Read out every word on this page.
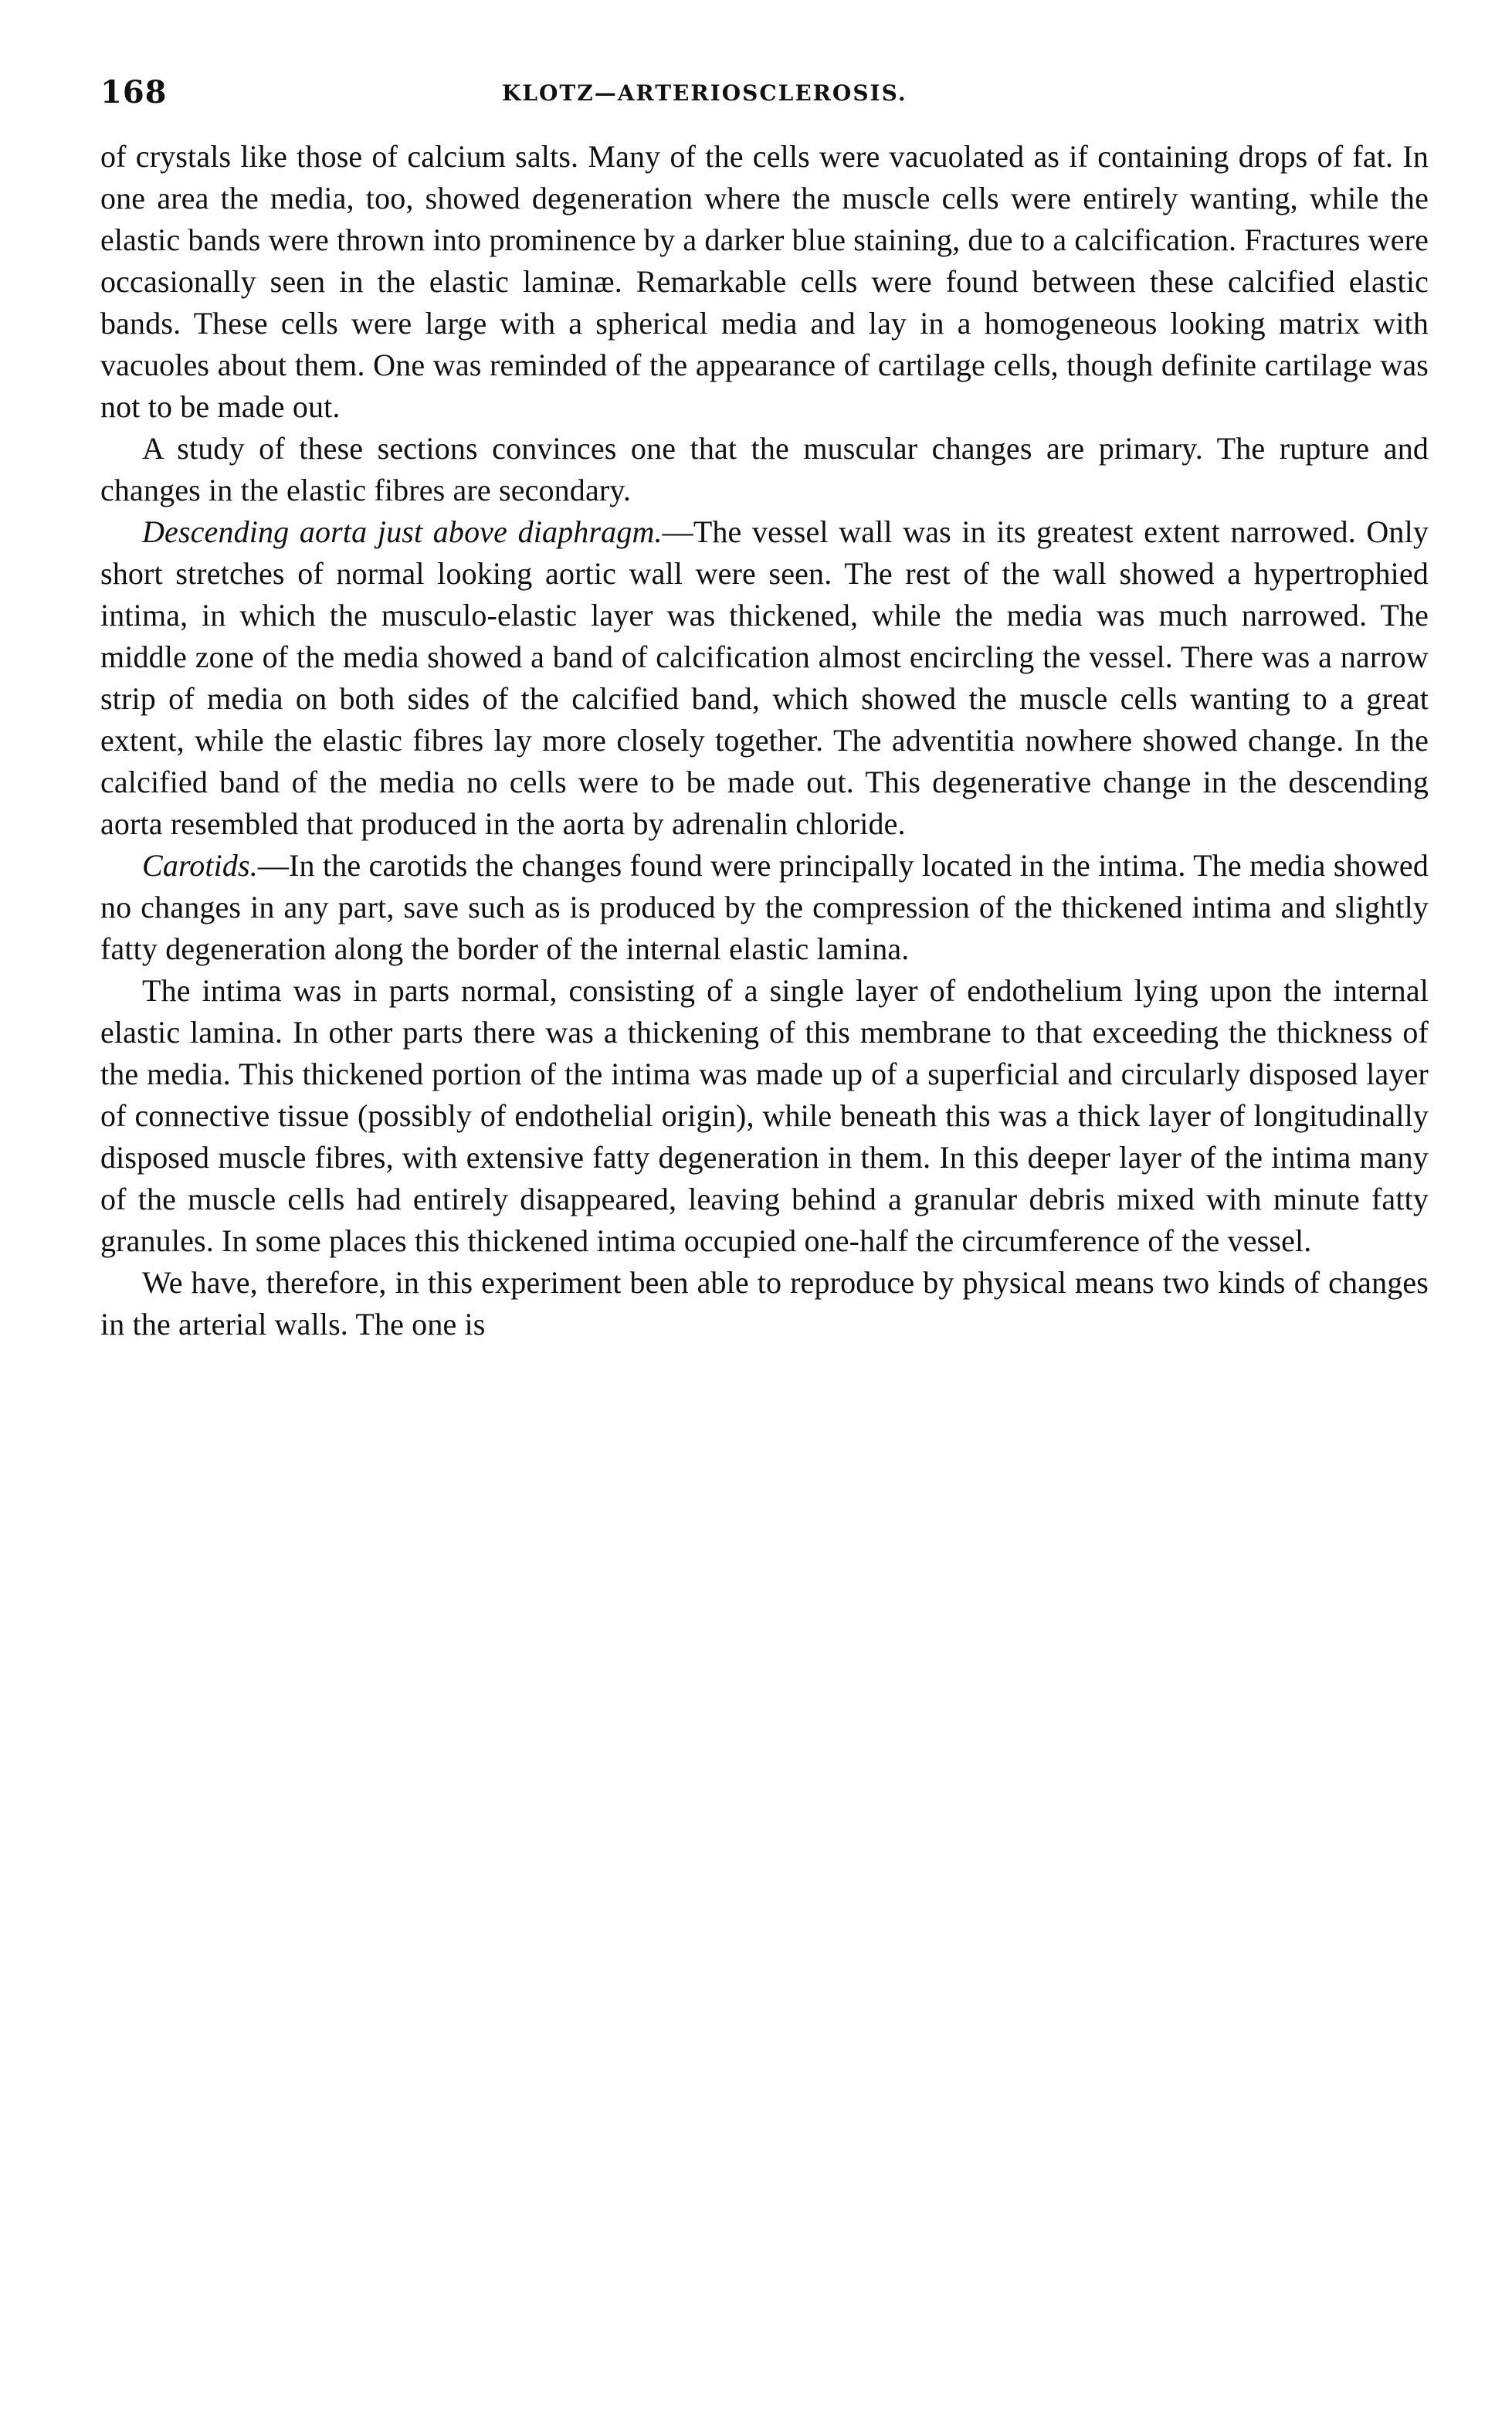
168	KLOTZ—ARTERIOSCLEROSIS.

of crystals like those of calcium salts. Many of the cells were vacuolated as if containing drops of fat. In one area the media, too, showed degeneration where the muscle cells were entirely wanting, while the elastic bands were thrown into prominence by a darker blue staining, due to a calcification. Fractures were occasionally seen in the elastic laminæ. Remarkable cells were found between these calcified elastic bands. These cells were large with a spherical media and lay in a homogeneous looking matrix with vacuoles about them. One was reminded of the appearance of cartilage cells, though definite cartilage was not to be made out.

A study of these sections convinces one that the muscular changes are primary. The rupture and changes in the elastic fibres are secondary.

Descending aorta just above diaphragm.—The vessel wall was in its greatest extent narrowed. Only short stretches of normal looking aortic wall were seen. The rest of the wall showed a hypertrophied intima, in which the musculo-elastic layer was thickened, while the media was much narrowed. The middle zone of the media showed a band of calcification almost encircling the vessel. There was a narrow strip of media on both sides of the calcified band, which showed the muscle cells wanting to a great extent, while the elastic fibres lay more closely together. The adventitia nowhere showed change. In the calcified band of the media no cells were to be made out. This degenerative change in the descending aorta resembled that produced in the aorta by adrenalin chloride.

Carotids.—In the carotids the changes found were principally located in the intima. The media showed no changes in any part, save such as is produced by the compression of the thickened intima and slightly fatty degeneration along the border of the internal elastic lamina.

The intima was in parts normal, consisting of a single layer of endothelium lying upon the internal elastic lamina. In other parts there was a thickening of this membrane to that exceeding the thickness of the media. This thickened portion of the intima was made up of a superficial and circularly disposed layer of connective tissue (possibly of endothelial origin), while beneath this was a thick layer of longitudinally disposed muscle fibres, with extensive fatty degeneration in them. In this deeper layer of the intima many of the muscle cells had entirely disappeared, leaving behind a granular debris mixed with minute fatty granules. In some places this thickened intima occupied one-half the circumference of the vessel.

We have, therefore, in this experiment been able to reproduce by physical means two kinds of changes in the arterial walls. The one is
